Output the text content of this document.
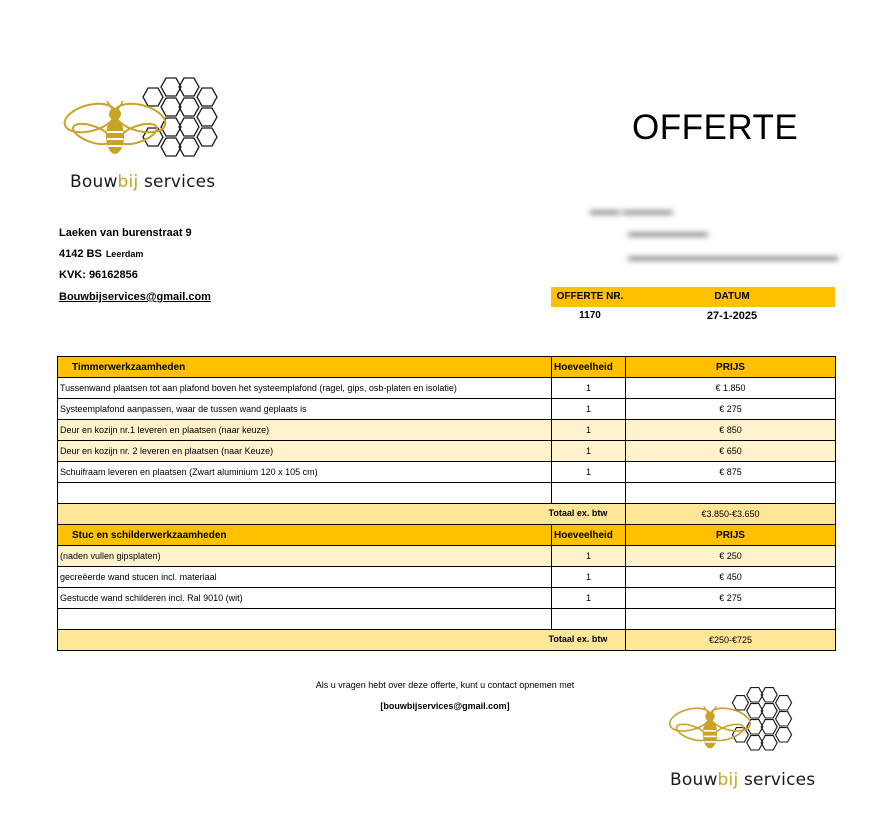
Bouwbij services
OFFERTE
Laeken van burenstraat 9
4142 BS Leerdam
KVK: 96162856
Bouwbijservices@gmail.com
▬▬▬ ▬▬▬▬▬
▬▬▬▬▬▬▬▬
▬▬▬▬▬▬▬▬▬▬▬▬▬▬▬▬▬▬▬▬▬
OFFERTE NR.	DATUM
1170	27-1-2025
Timmerwerkzaamheden	Hoeveelheid	PRIJS
Tussenwand plaatsen tot aan plafond boven het systeemplafond (ragel, gips, osb-platen en isolatie)	1	€ 1.850
Systeemplafond aanpassen, waar de tussen wand geplaats is	1	€ 275
Deur en kozijn nr.1 leveren en plaatsen (naar keuze)	1	€ 850
Deur en kozijn nr. 2 leveren en plaatsen (naar Keuze)	1	€ 650
Schuifraam leveren en plaatsen (Zwart aluminium 120 x 105 cm)	1	€ 875

	Totaal ex. btw	€3.850-€3.650
Stuc en schilderwerkzaamheden	Hoeveelheid	PRIJS
(naden vullen gipsplaten)	1	€ 250
gecreëerde wand stucen incl. materiaal	1	€ 450
Gestucde wand schilderen incl. Ral 9010 (wit)	1	€ 275

	Totaal ex. btw	€250-€725
Als u vragen hebt over deze offerte, kunt u contact opnemen met
[bouwbijservices@gmail.com]
Bouwbij services
